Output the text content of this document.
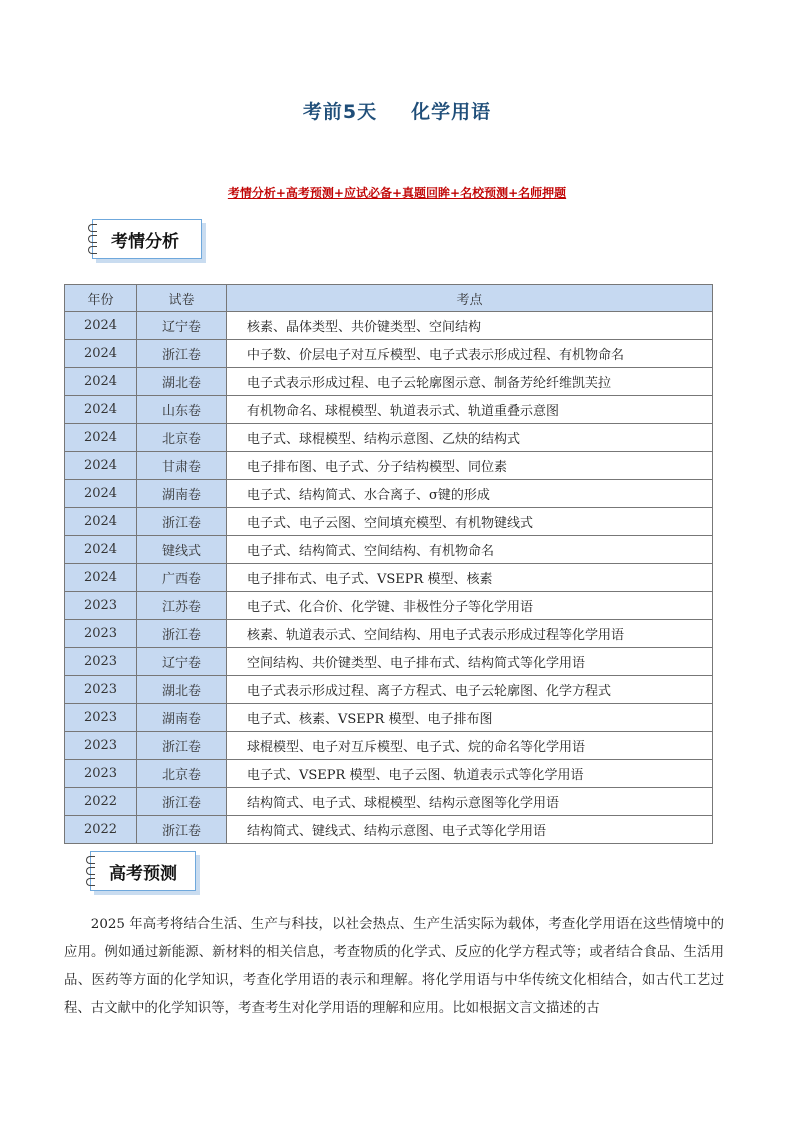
考前5天 化学用语
考情分析+高考预测+应试必备+真题回眸+名校预测+名师押题
考情分析
年份	试卷	考点
2024	辽宁卷	核素、晶体类型、共价键类型、空间结构
2024	浙江卷	中子数、价层电子对互斥模型、电子式表示形成过程、有机物命名
2024	湖北卷	电子式表示形成过程、电子云轮廓图示意、制备芳纶纤维凯芙拉
2024	山东卷	有机物命名、球棍模型、轨道表示式、轨道重叠示意图
2024	北京卷	电子式、球棍模型、结构示意图、乙炔的结构式
2024	甘肃卷	电子排布图、电子式、分子结构模型、同位素
2024	湖南卷	电子式、结构简式、水合离子、σ键的形成
2024	浙江卷	电子式、电子云图、空间填充模型、有机物键线式
2024	键线式	电子式、结构简式、空间结构、有机物命名
2024	广西卷	电子排布式、电子式、VSEPR 模型、核素
2023	江苏卷	电子式、化合价、化学键、非极性分子等化学用语
2023	浙江卷	核素、轨道表示式、空间结构、用电子式表示形成过程等化学用语
2023	辽宁卷	空间结构、共价键类型、电子排布式、结构简式等化学用语
2023	湖北卷	电子式表示形成过程、离子方程式、电子云轮廓图、化学方程式
2023	湖南卷	电子式、核素、VSEPR 模型、电子排布图
2023	浙江卷	球棍模型、电子对互斥模型、电子式、烷的命名等化学用语
2023	北京卷	电子式、VSEPR 模型、电子云图、轨道表示式等化学用语
2022	浙江卷	结构简式、电子式、球棍模型、结构示意图等化学用语
2022	浙江卷	结构简式、键线式、结构示意图、电子式等化学用语
高考预测
2025 年高考将结合生活、生产与科技，以社会热点、生产生活实际为载体，考查化学用语在这些情境中的应用。例如通过新能源、新材料的相关信息，考查物质的化学式、反应的化学方程式等；或者结合食品、生活用品、医药等方面的化学知识，考查化学用语的表示和理解。将化学用语与中华传统文化相结合，如古代工艺过程、古文献中的化学知识等，考查考生对化学用语的理解和应用。比如根据文言文描述的古
